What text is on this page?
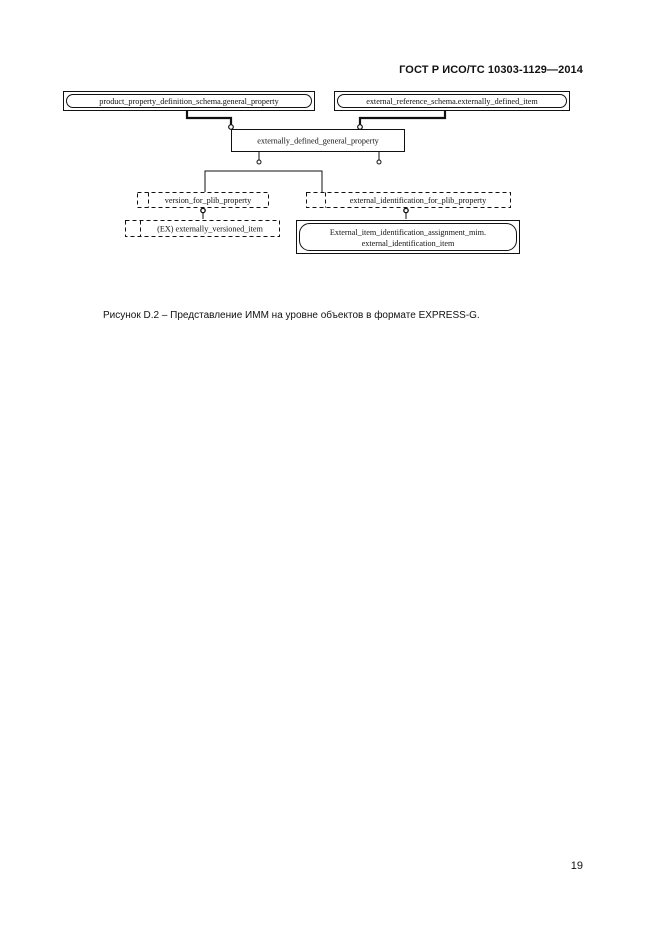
ГОСТ Р ИСО/ТС 10303-1129—2014
product_property_definition_schema.general_property	external_reference_schema.externally_defined_item
externally_defined_general_property
version_for_plib_property	external_identification_for_plib_property
(EX) externally_versioned_item	External_item_identification_assignment_mim.
external_identification_item
Рисунок D.2 – Представление ИММ на уровне объектов в формате EXPRESS-G.
19
